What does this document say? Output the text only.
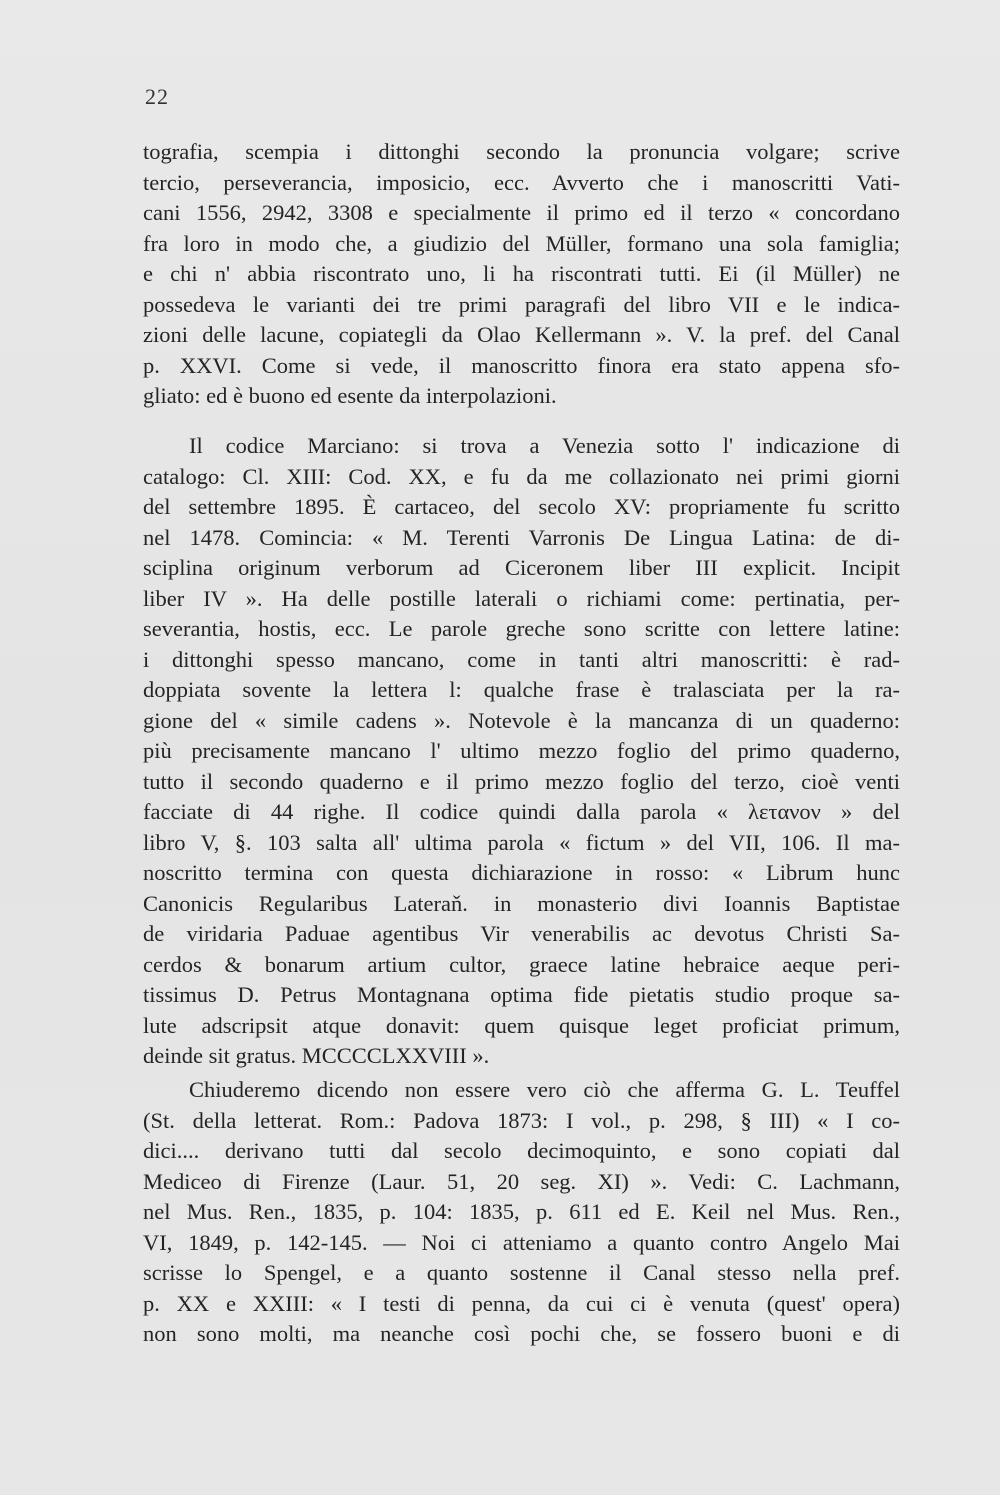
22
tografia, scempia i dittonghi secondo la pronuncia volgare; scrive
tercio, perseverancia, imposicio, ecc. Avverto che i manoscritti Vati-
cani 1556, 2942, 3308 e specialmente il primo ed il terzo « concordano
fra loro in modo che, a giudizio del Müller, formano una sola famiglia;
e chi n' abbia riscontrato uno, li ha riscontrati tutti. Ei (il Müller) ne
possedeva le varianti dei tre primi paragrafi del libro VII e le indica-
zioni delle lacune, copiategli da Olao Kellermann ». V. la pref. del Canal
p. XXVI. Come si vede, il manoscritto finora era stato appena sfo-
gliato: ed è buono ed esente da interpolazioni.
Il codice Marciano: si trova a Venezia sotto l' indicazione di
catalogo: Cl. XIII: Cod. XX, e fu da me collazionato nei primi giorni
del settembre 1895. È cartaceo, del secolo XV: propriamente fu scritto
nel 1478. Comincia: « M. Terenti Varronis De Lingua Latina: de di-
sciplina originum verborum ad Ciceronem liber III explicit. Incipit
liber IV ». Ha delle postille laterali o richiami come: pertinatia, per-
severantia, hostis, ecc. Le parole greche sono scritte con lettere latine:
i dittonghi spesso mancano, come in tanti altri manoscritti: è rad-
doppiata sovente la lettera l: qualche frase è tralasciata per la ra-
gione del « simile cadens ». Notevole è la mancanza di un quaderno:
più precisamente mancano l' ultimo mezzo foglio del primo quaderno,
tutto il secondo quaderno e il primo mezzo foglio del terzo, cioè venti
facciate di 44 righe. Il codice quindi dalla parola « λετανον » del
libro V, §. 103 salta all' ultima parola « fictum » del VII, 106. Il ma-
noscritto termina con questa dichiarazione in rosso: « Librum hunc
Canonicis Regularibus Lateraň. in monasterio divi Ioannis Baptistae
de viridaria Paduae agentibus Vir venerabilis ac devotus Christi Sa-
cerdos & bonarum artium cultor, graece latine hebraice aeque peri-
tissimus D. Petrus Montagnana optima fide pietatis studio proque sa-
lute adscripsit atque donavit: quem quisque leget proficiat primum,
deinde sit gratus. MCCCCLXXVIII ».
Chiuderemo dicendo non essere vero ciò che afferma G. L. Teuffel
(St. della letterat. Rom.: Padova 1873: I vol., p. 298, § III) « I co-
dici.... derivano tutti dal secolo decimoquinto, e sono copiati dal
Mediceo di Firenze (Laur. 51, 20 seg. XI) ». Vedi: C. Lachmann,
nel Mus. Ren., 1835, p. 104: 1835, p. 611 ed E. Keil nel Mus. Ren.,
VI, 1849, p. 142-145. — Noi ci atteniamo a quanto contro Angelo Mai
scrisse lo Spengel, e a quanto sostenne il Canal stesso nella pref.
p. XX e XXIII: « I testi di penna, da cui ci è venuta (quest' opera)
non sono molti, ma neanche così pochi che, se fossero buoni e di
